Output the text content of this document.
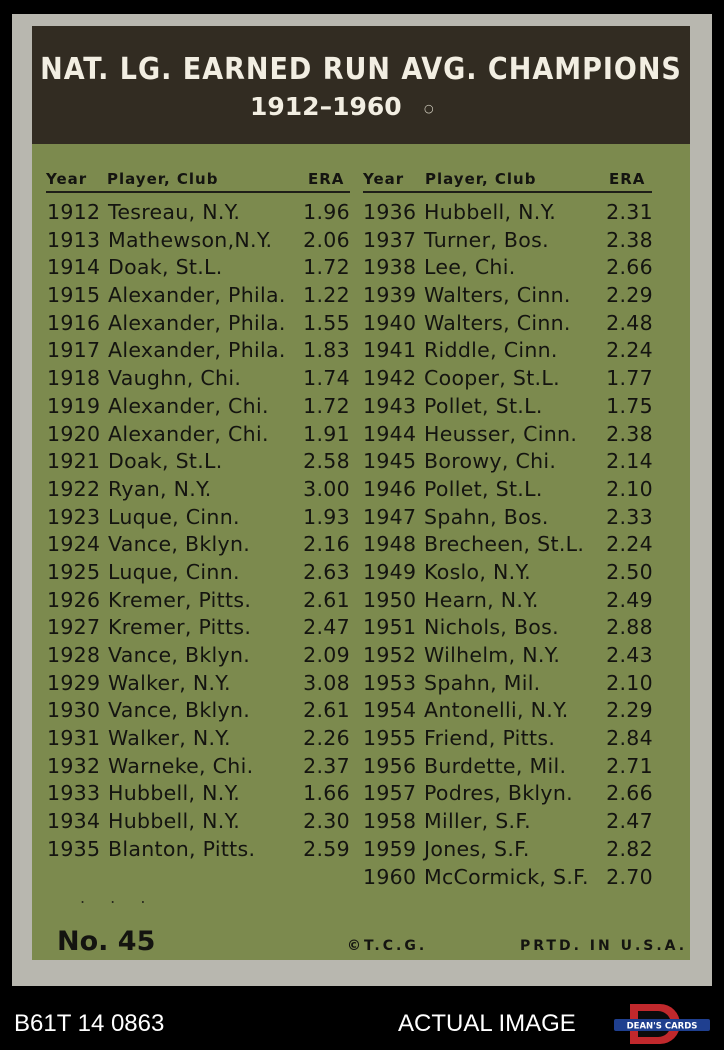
NAT. LG. EARNED RUN AVG. CHAMPIONS
1912–1960 ○
Year Player, Club	ERA Year Player, Club	ERA
1912 Tesreau, N.Y.	1.96
1913 Mathewson,N.Y. 2.06
1914 Doak, St.L.	1.72
1915 Alexander, Phila. 1.22
1916 Alexander, Phila. 1.55
1917 Alexander, Phila. 1.83
1918 Vaughn, Chi.	1.74
1919 Alexander, Chi. 1.72
1920 Alexander, Chi. 1.91
1921 Doak, St.L.	2.58
1922 Ryan, N.Y.	3.00
1923 Luque, Cinn.	1.93
1924 Vance, Bklyn.	2.16
1925 Luque, Cinn.	2.63
1926 Kremer, Pitts.	2.61
1927 Kremer, Pitts.	2.47
1928 Vance, Bklyn.	2.09
1929 Walker, N.Y.	3.08
1930 Vance, Bklyn.	2.61
1931 Walker, N.Y.	2.26
1932 Warneke, Chi. 2.37
1933 Hubbell, N.Y.	1.66
1934 Hubbell, N.Y.	2.30
1935 Blanton, Pitts. 2.59
1936 Hubbell, N.Y. 2.31
1937 Turner, Bos.	2.38
1938 Lee, Chi.	2.66
1939 Walters, Cinn. 2.29
1940 Walters, Cinn. 2.48
1941 Riddle, Cinn. 2.24
1942 Cooper, St.L. 1.77
1943 Pollet, St.L.	1.75
1944 Heusser, Cinn. 2.38
1945 Borowy, Chi. 2.14
1946 Pollet, St.L.	2.10
1947 Spahn, Bos.	2.33
1948 Brecheen, St.L. 2.24
1949 Koslo, N.Y.	2.50
1950 Hearn, N.Y.	2.49
1951 Nichols, Bos. 2.88
1952 Wilhelm, N.Y. 2.43
1953 Spahn, Mil.	2.10
1954 Antonelli, N.Y. 2.29
1955 Friend, Pitts. 2.84
1956 Burdette, Mil. 2.71
1957 Podres, Bklyn. 2.66
1958 Miller, S.F.	2.47
1959 Jones, S.F.	2.82
1960 McCormick, S.F. 2.70
. . .
No. 45	©T.C.G.	PRTD. IN U.S.A.
B61T 14 0863	ACTUAL IMAGE	DEAN'S CARDS
